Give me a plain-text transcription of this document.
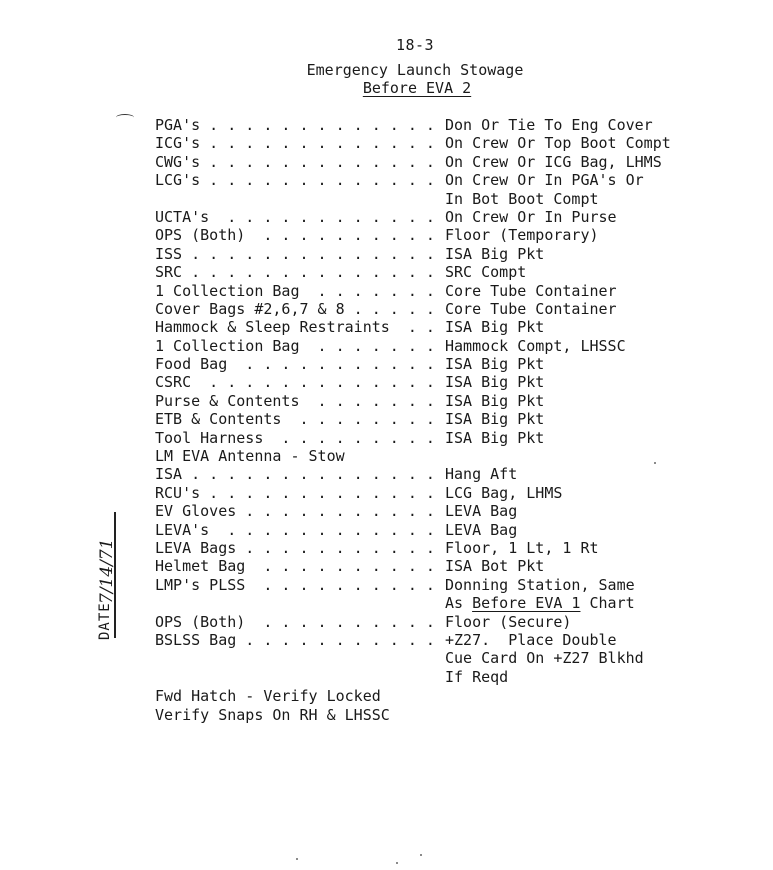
18-3
Emergency Launch Stowage
Before EVA 2
PGA's . . . . . . . . . . . . . Don Or Tie To Eng Cover
ICG's . . . . . . . . . . . . . On Crew Or Top Boot Compt
CWG's . . . . . . . . . . . . . On Crew Or ICG Bag, LHMS
LCG's . . . . . . . . . . . . . On Crew Or In PGA's Or
In Bot Boot Compt
UCTA's  . . . . . . . . . . . . On Crew Or In Purse
OPS (Both)  . . . . . . . . . . Floor (Temporary)
ISS . . . . . . . . . . . . . . ISA Big Pkt
SRC . . . . . . . . . . . . . . SRC Compt
1 Collection Bag  . . . . . . . Core Tube Container
Cover Bags #2,6,7 & 8 . . . . . Core Tube Container
Hammock & Sleep Restraints  . . ISA Big Pkt
1 Collection Bag  . . . . . . . Hammock Compt, LHSSC
Food Bag  . . . . . . . . . . . ISA Big Pkt
CSRC  . . . . . . . . . . . . . ISA Big Pkt
Purse & Contents  . . . . . . . ISA Big Pkt
ETB & Contents  . . . . . . . . ISA Big Pkt
Tool Harness  . . . . . . . . . ISA Big Pkt
LM EVA Antenna - Stow
ISA . . . . . . . . . . . . . . Hang Aft
RCU's . . . . . . . . . . . . . LCG Bag, LHMS
EV Gloves . . . . . . . . . . . LEVA Bag
LEVA's  . . . . . . . . . . . . LEVA Bag
LEVA Bags . . . . . . . . . . . Floor, 1 Lt, 1 Rt
Helmet Bag  . . . . . . . . . . ISA Bot Pkt
LMP's PLSS  . . . . . . . . . . Donning Station, Same
As Before EVA 1 Chart
OPS (Both)  . . . . . . . . . . Floor (Secure)
BSLSS Bag . . . . . . . . . . . +Z27.  Place Double
Cue Card On +Z27 Blkhd
If Reqd
Fwd Hatch - Verify Locked
Verify Snaps On RH & LHSSC
7/14/71
DATE
